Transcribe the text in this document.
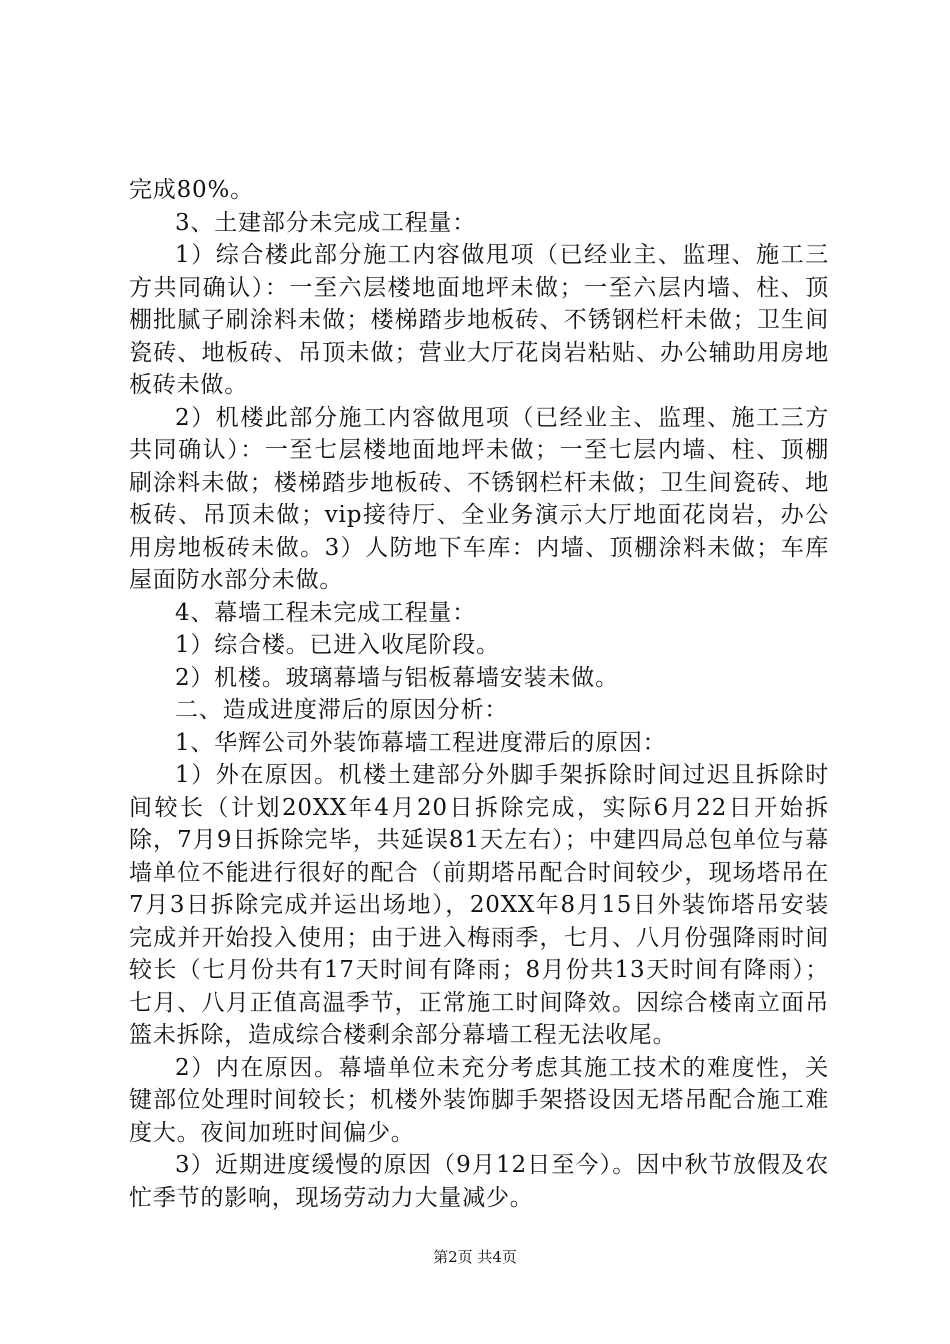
完成80%。

3、土建部分未完成工程量：

1）综合楼此部分施工内容做甩项（已经业主、监理、施工三方共同确认）：一至六层楼地面地坪未做；一至六层内墙、柱、顶棚批腻子刷涂料未做；楼梯踏步地板砖、不锈钢栏杆未做；卫生间瓷砖、地板砖、吊顶未做；营业大厅花岗岩粘贴、办公辅助用房地板砖未做。

2）机楼此部分施工内容做甩项（已经业主、监理、施工三方共同确认）：一至七层楼地面地坪未做；一至七层内墙、柱、顶棚刷涂料未做；楼梯踏步地板砖、不锈钢栏杆未做；卫生间瓷砖、地板砖、吊顶未做；vip接待厅、全业务演示大厅地面花岗岩，办公用房地板砖未做。3）人防地下车库：内墙、顶棚涂料未做；车库屋面防水部分未做。

4、幕墙工程未完成工程量：

1）综合楼。已进入收尾阶段。

2）机楼。玻璃幕墙与铝板幕墙安装未做。

二、造成进度滞后的原因分析：

1、华辉公司外装饰幕墙工程进度滞后的原因：

1）外在原因。机楼土建部分外脚手架拆除时间过迟且拆除时间较长（计划20XX年4月20日拆除完成，实际6月22日开始拆除，7月9日拆除完毕，共延误81天左右）；中建四局总包单位与幕墙单位不能进行很好的配合（前期塔吊配合时间较少，现场塔吊在7月3日拆除完成并运出场地），20XX年8月15日外装饰塔吊安装完成并开始投入使用；由于进入梅雨季，七月、八月份强降雨时间较长（七月份共有17天时间有降雨；8月份共13天时间有降雨）；七月、八月正值高温季节，正常施工时间降效。因综合楼南立面吊篮未拆除，造成综合楼剩余部分幕墙工程无法收尾。

2）内在原因。幕墙单位未充分考虑其施工技术的难度性，关键部位处理时间较长；机楼外装饰脚手架搭设因无塔吊配合施工难度大。夜间加班时间偏少。

3）近期进度缓慢的原因（9月12日至今）。因中秋节放假及农忙季节的影响，现场劳动力大量减少。

第2页 共4页
